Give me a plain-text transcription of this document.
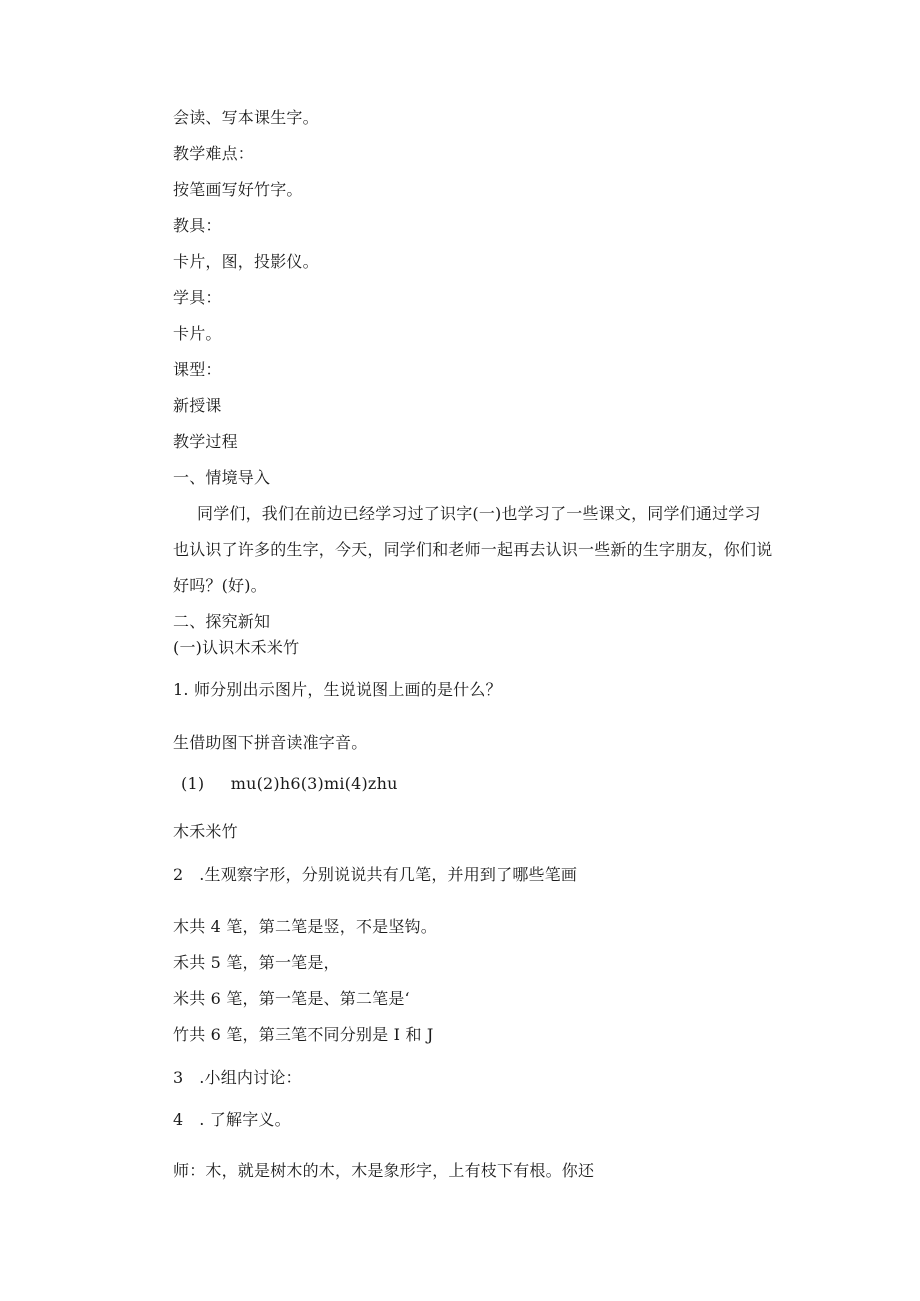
会读、写本课生字。
教学难点：
按笔画写好竹字。
教具：
卡片，图，投影仪。
学具：
卡片。
课型：
新授课
教学过程
一、情境导入
同学们，我们在前边已经学习过了识字(一)也学习了一些课文，同学们通过学习
也认识了许多的生字，今天，同学们和老师一起再去认识一些新的生字朋友，你们说
好吗？(好)。
二、探究新知
(一)认识木禾米竹
1. 师分别出示图片，生说说图上画的是什么？
生借助图下拼音读准字音。
(1)     mu(2)h6(3)mi(4)zhu
木禾米竹
2   .生观察字形，分别说说共有几笔，并用到了哪些笔画
木共 4 笔，第二笔是竖，不是坚钩。
禾共 5 笔，第一笔是，
米共 6 笔，第一笔是、第二笔是‘
竹共 6 笔，第三笔不同分别是 I 和 J
3   .小组内讨论：
4   . 了解字义。
师：木，就是树木的木，木是象形字，上有枝下有根。你还
